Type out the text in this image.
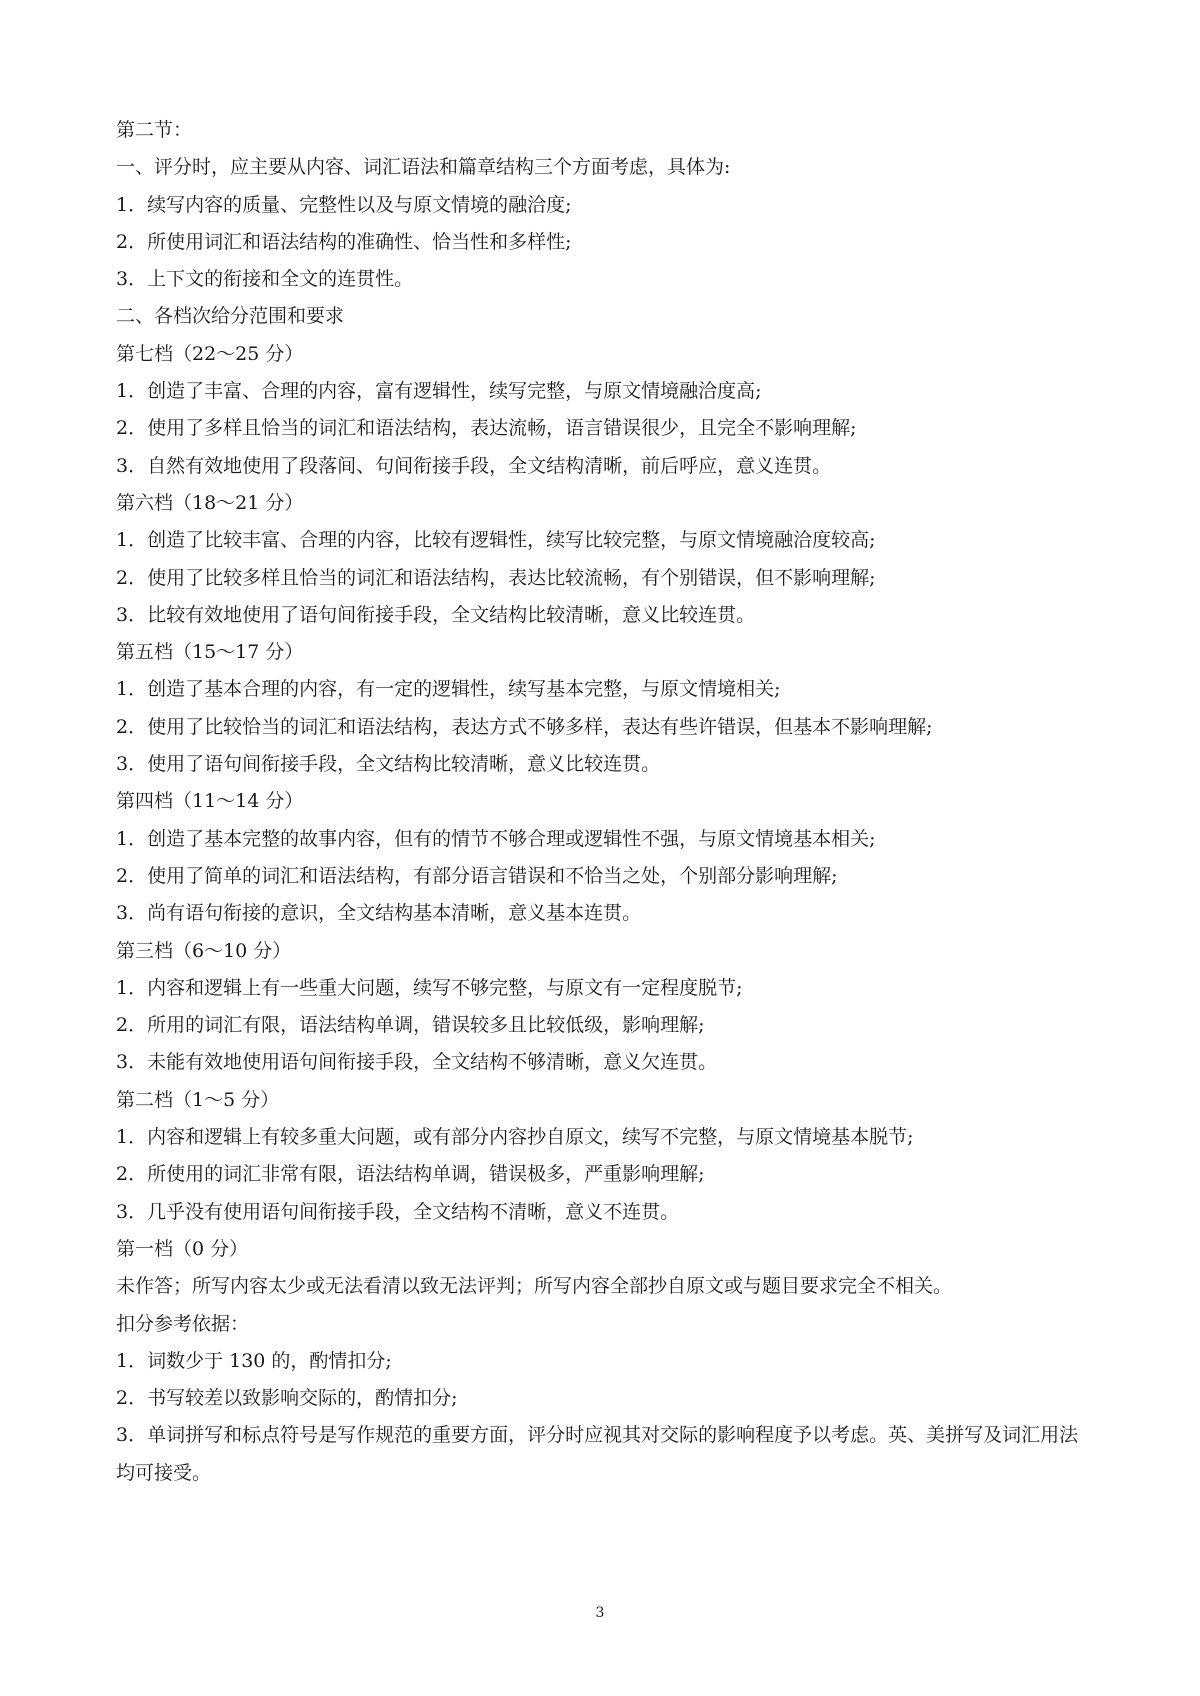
第二节：

一、评分时，应主要从内容、词汇语法和篇章结构三个方面考虑，具体为:

1．续写内容的质量、完整性以及与原文情境的融洽度;

2．所使用词汇和语法结构的准确性、恰当性和多样性;

3．上下文的衔接和全文的连贯性。

二、各档次给分范围和要求

第七档（22～25 分）

1．创造了丰富、合理的内容，富有逻辑性，续写完整，与原文情境融洽度高;

2．使用了多样且恰当的词汇和语法结构，表达流畅，语言错误很少，且完全不影响理解;

3．自然有效地使用了段落间、句间衔接手段，全文结构清晰，前后呼应，意义连贯。

第六档（18～21 分）

1．创造了比较丰富、合理的内容，比较有逻辑性，续写比较完整，与原文情境融洽度较高;

2．使用了比较多样且恰当的词汇和语法结构，表达比较流畅，有个别错误，但不影响理解;

3．比较有效地使用了语句间衔接手段，全文结构比较清晰，意义比较连贯。

第五档（15～17 分）

1．创造了基本合理的内容，有一定的逻辑性，续写基本完整，与原文情境相关;

2．使用了比较恰当的词汇和语法结构，表达方式不够多样，表达有些许错误，但基本不影响理解;

3．使用了语句间衔接手段，全文结构比较清晰，意义比较连贯。

第四档（11～14 分）

1．创造了基本完整的故事内容，但有的情节不够合理或逻辑性不强，与原文情境基本相关;

2．使用了简单的词汇和语法结构，有部分语言错误和不恰当之处，个别部分影响理解;

3．尚有语句衔接的意识，全文结构基本清晰，意义基本连贯。

第三档（6～10 分）

1．内容和逻辑上有一些重大问题，续写不够完整，与原文有一定程度脱节;

2．所用的词汇有限，语法结构单调，错误较多且比较低级，影响理解;

3．未能有效地使用语句间衔接手段，全文结构不够清晰，意义欠连贯。

第二档（1～5 分）

1．内容和逻辑上有较多重大问题，或有部分内容抄自原文，续写不完整，与原文情境基本脱节;

2．所使用的词汇非常有限，语法结构单调，错误极多，严重影响理解;

3．几乎没有使用语句间衔接手段，全文结构不清晰，意义不连贯。

第一档（0 分）

未作答；所写内容太少或无法看清以致无法评判；所写内容全部抄自原文或与题目要求完全不相关。

扣分参考依据：

1．词数少于 130 的，酌情扣分;

2．书写较差以致影响交际的，酌情扣分;

3．单词拼写和标点符号是写作规范的重要方面，评分时应视其对交际的影响程度予以考虑。英、美拼写及词汇用法均可接受。

3
